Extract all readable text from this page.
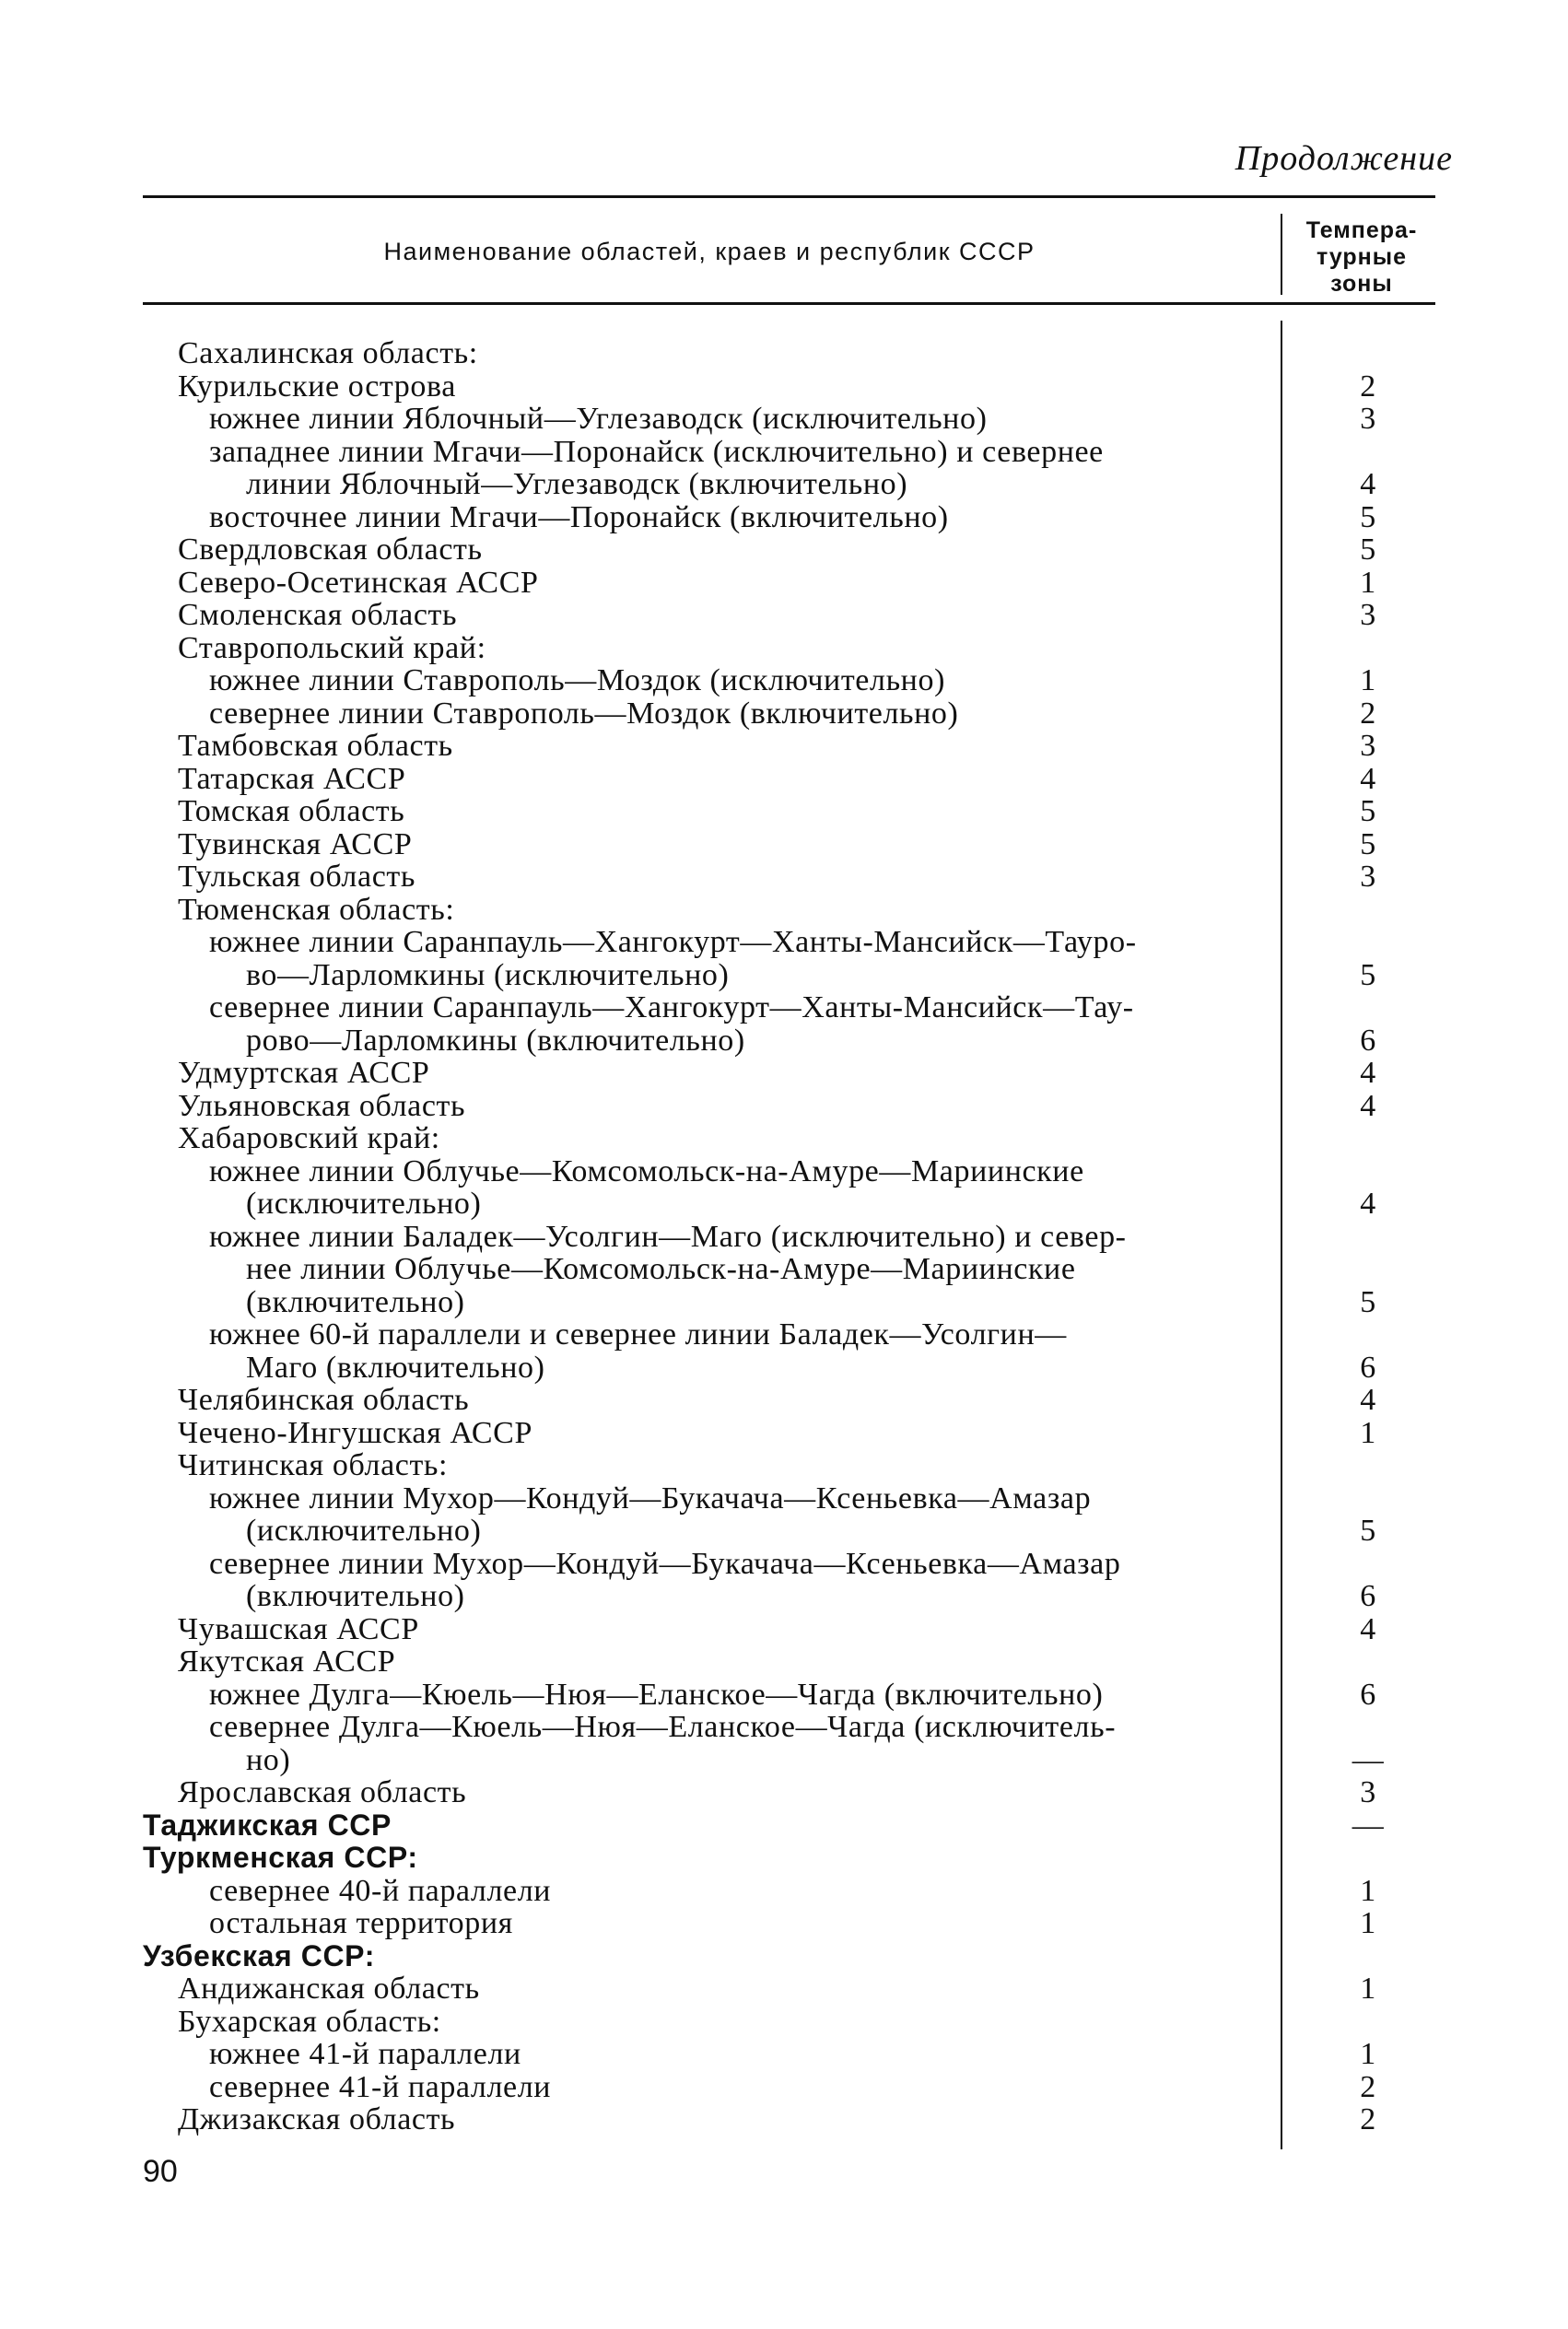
Продолжение
Наименование областей, краев и республик СССР
Темпера-
турные
зоны
Сахалинская область:
Курильские острова	2
южнее линии Яблочный—Углезаводск (исключительно)	3
западнее линии Мгачи—Поронайск (исключительно) и севернее
линии Яблочный—Углезаводск (включительно)	4
восточнее линии Мгачи—Поронайск (включительно)	5
Свердловская область	5
Северо-Осетинская АССР	1
Смоленская область	3
Ставропольский край:
южнее линии Ставрополь—Моздок (исключительно)	1
севернее линии Ставрополь—Моздок (включительно)	2
Тамбовская область	3
Татарская АССР	4
Томская область	5
Тувинская АССР	5
Тульская область	3
Тюменская область:
южнее линии Саранпауль—Хангокурт—Ханты-Мансийск—Тауро-
во—Ларломкины (исключительно)	5
севернее линии Саранпауль—Хангокурт—Ханты-Мансийск—Тау-
рово—Ларломкины (включительно)	6
Удмуртская АССР	4
Ульяновская область	4
Хабаровский край:
южнее линии Облучье—Комсомольск-на-Амуре—Мариинские
(исключительно)	4
южнее линии Баладек—Усолгин—Маго (исключительно) и север-
нее линии Облучье—Комсомольск-на-Амуре—Мариинские
(включительно)	5
южнее 60-й параллели и севернее линии Баладек—Усолгин—
Маго (включительно)	6
Челябинская область	4
Чечено-Ингушская АССР	1
Читинская область:
южнее линии Мухор—Кондуй—Букачача—Ксеньевка—Амазар
(исключительно)	5
севернее линии Мухор—Кондуй—Букачача—Ксеньевка—Амазар
(включительно)	6
Чувашская АССР	4
Якутская АССР
южнее Дулга—Кюель—Нюя—Еланское—Чагда (включительно)	6
севернее Дулга—Кюель—Нюя—Еланское—Чагда (исключитель-
но)	—
Ярославская область	3
Таджикская ССР	—
Туркменская ССР:
севернее 40-й параллели	1
остальная территория	1
Узбекская ССР:
Андижанская область	1
Бухарская область:
южнее 41-й параллели	1
севернее 41-й параллели	2
Джизакская область	2
90
